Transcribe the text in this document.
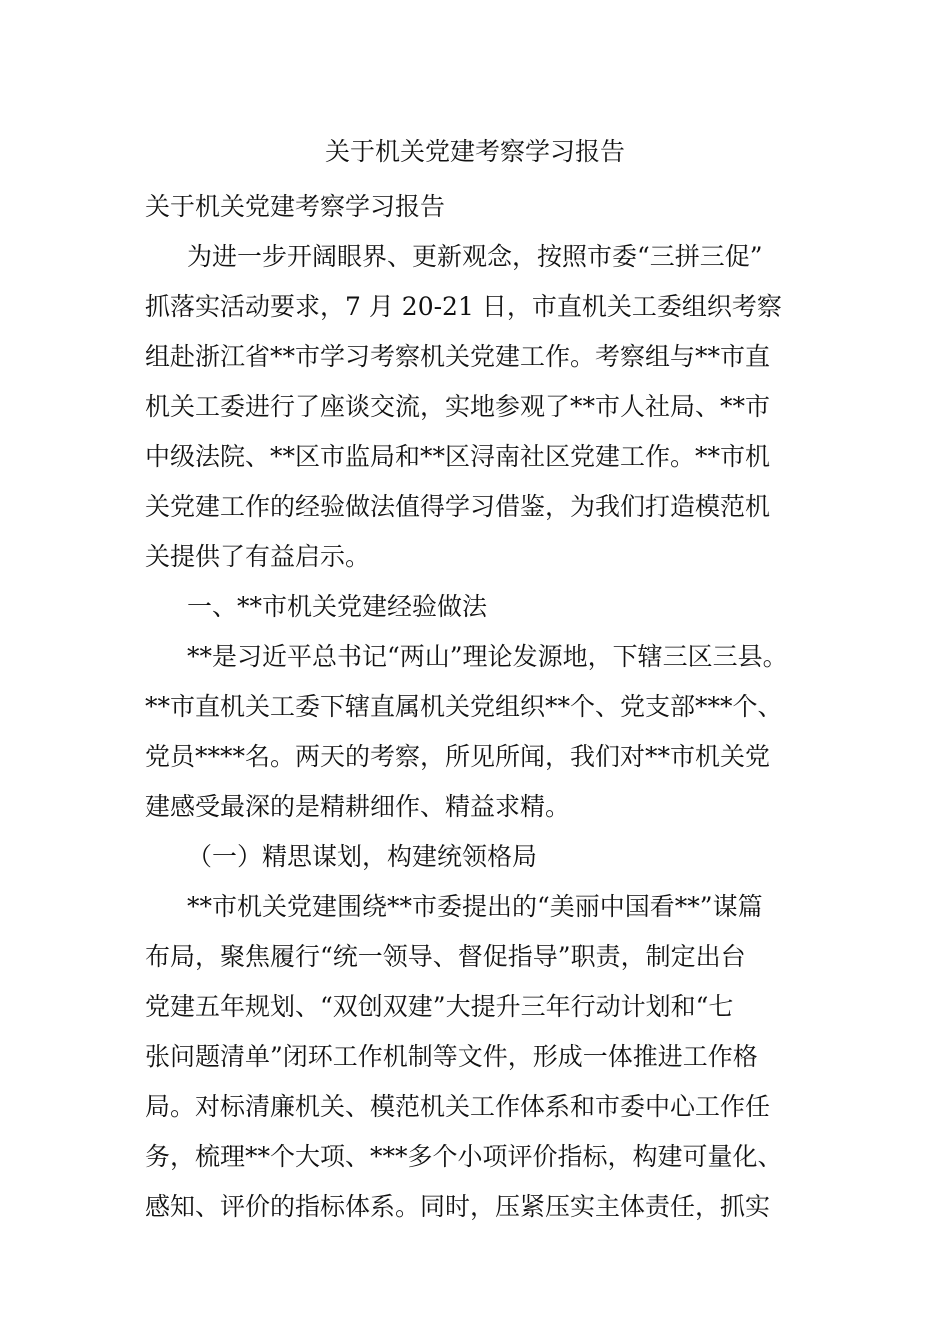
关于机关党建考察学习报告
关于机关党建考察学习报告
为进一步开阔眼界、更新观念，按照市委“三拼三促”
抓落实活动要求，7 月 20-21 日，市直机关工委组织考察
组赴浙江省**市学习考察机关党建工作。考察组与**市直
机关工委进行了座谈交流，实地参观了**市人社局、**市
中级法院、**区市监局和**区浔南社区党建工作。**市机
关党建工作的经验做法值得学习借鉴，为我们打造模范机
关提供了有益启示。
一、**市机关党建经验做法
**是习近平总书记“两山”理论发源地，下辖三区三县。
**市直机关工委下辖直属机关党组织**个、党支部***个、
党员****名。两天的考察，所见所闻，我们对**市机关党
建感受最深的是精耕细作、精益求精。
（一）精思谋划，构建统领格局
**市机关党建围绕**市委提出的“美丽中国看**”谋篇
布局，聚焦履行“统一领导、督促指导”职责，制定出台
党建五年规划、“双创双建”大提升三年行动计划和“七
张问题清单”闭环工作机制等文件，形成一体推进工作格
局。对标清廉机关、模范机关工作体系和市委中心工作任
务，梳理**个大项、***多个小项评价指标，构建可量化、
感知、评价的指标体系。同时，压紧压实主体责任，抓实
